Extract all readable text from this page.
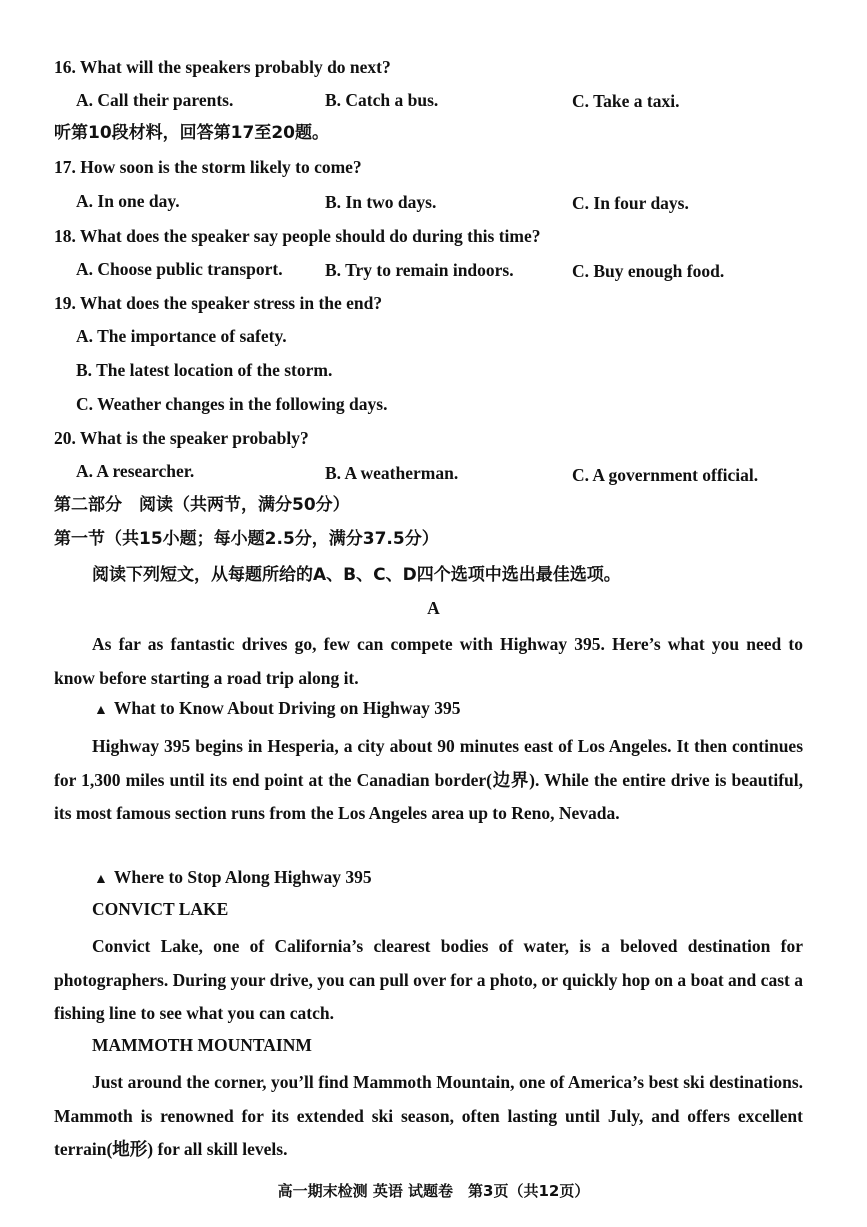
16. What will the speakers probably do next?
A. Call their parents.	B. Catch a bus.	C. Take a taxi.
听第10段材料，回答第17至20题。
17. How soon is the storm likely to come?
A. In one day.	B. In two days.	C. In four days.
18. What does the speaker say people should do during this time?
A. Choose public transport. B. Try to remain indoors.	C. Buy enough food.
19. What does the speaker stress in the end?
A. The importance of safety.
B. The latest location of the storm.
C. Weather changes in the following days.
20. What is the speaker probably?
A. A researcher.	B. A weatherman.	C. A government official.
第二部分　阅读（共两节，满分50分）
第一节（共15小题；每小题2.5分，满分37.5分）
阅读下列短文，从每题所给的A、B、C、D四个选项中选出最佳选项。
A

As far as fantastic drives go, few can compete with Highway 395. Here’s what you need to know before starting a road trip along it.

▲ What to Know About Driving on Highway 395

Highway 395 begins in Hesperia, a city about 90 minutes east of Los Angeles. It then continues for 1,300 miles until its end point at the Canadian border(边界). While the entire drive is beautiful, its most famous section runs from the Los Angeles area up to Reno, Nevada.

▲ Where to Stop Along Highway 395
CONVICT LAKE

Convict Lake, one of California’s clearest bodies of water, is a beloved destination for photographers. During your drive, you can pull over for a photo, or quickly hop on a boat and cast a fishing line to see what you can catch.

MAMMOTH MOUNTAINM

Just around the corner, you’ll find Mammoth Mountain, one of America’s best ski destinations. Mammoth is renowned for its extended ski season, often lasting until July, and offers excellent terrain(地形) for all skill levels.

高一期末检测 英语 试题卷　第3页（共12页）
